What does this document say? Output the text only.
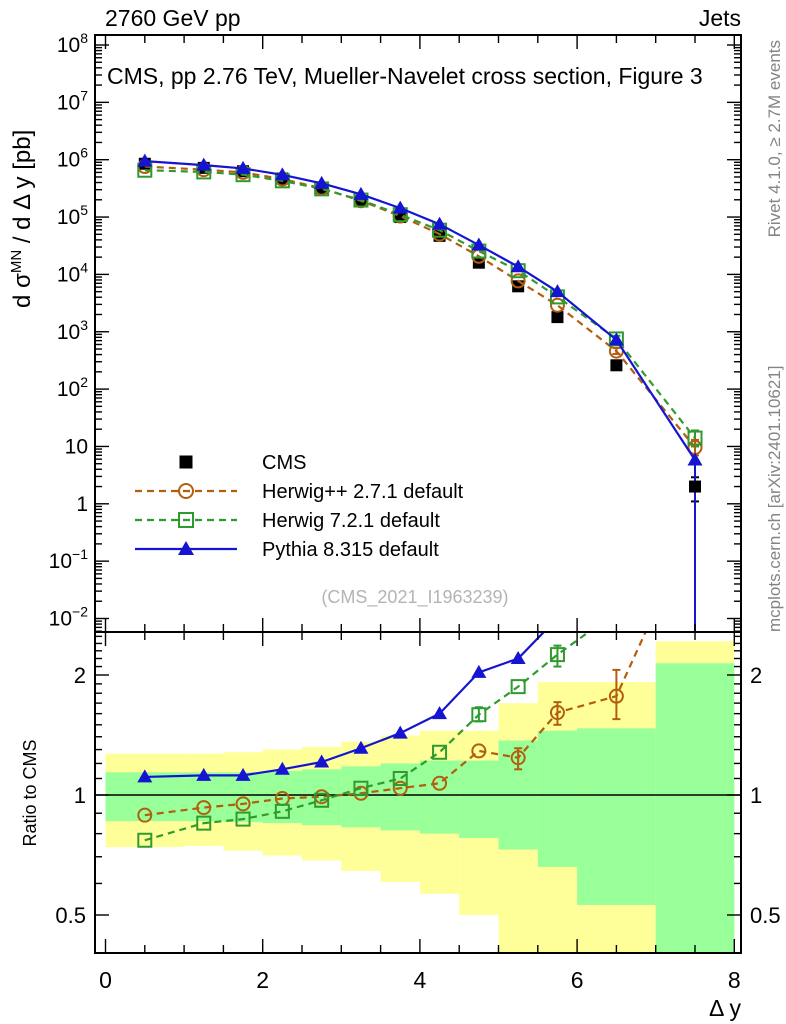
$10^8$
$10^7$
$10^6$
$10^5$
$10^4$
$10^3$
$10^2$
10
1
$10^{-1}$
$10^{-2}$
0.5	0.5
1	1
2	2
0	2	4	6	8
2760 GeV pp	Jets
CMS, pp 2.76 TeV, Mueller-Navelet cross section, Figure 3
d $\sigma^{MN}$ / d Δ y [pb]
(CMS_2021_I1963239)
Rivet 4.1.0, ≥ 2.7M events
mcplots.cern.ch [arXiv:2401.10621]
Ratio to CMS
Δ y
CMS
Herwig++ 2.7.1 default
Herwig 7.2.1 default
Pythia 8.315 default
